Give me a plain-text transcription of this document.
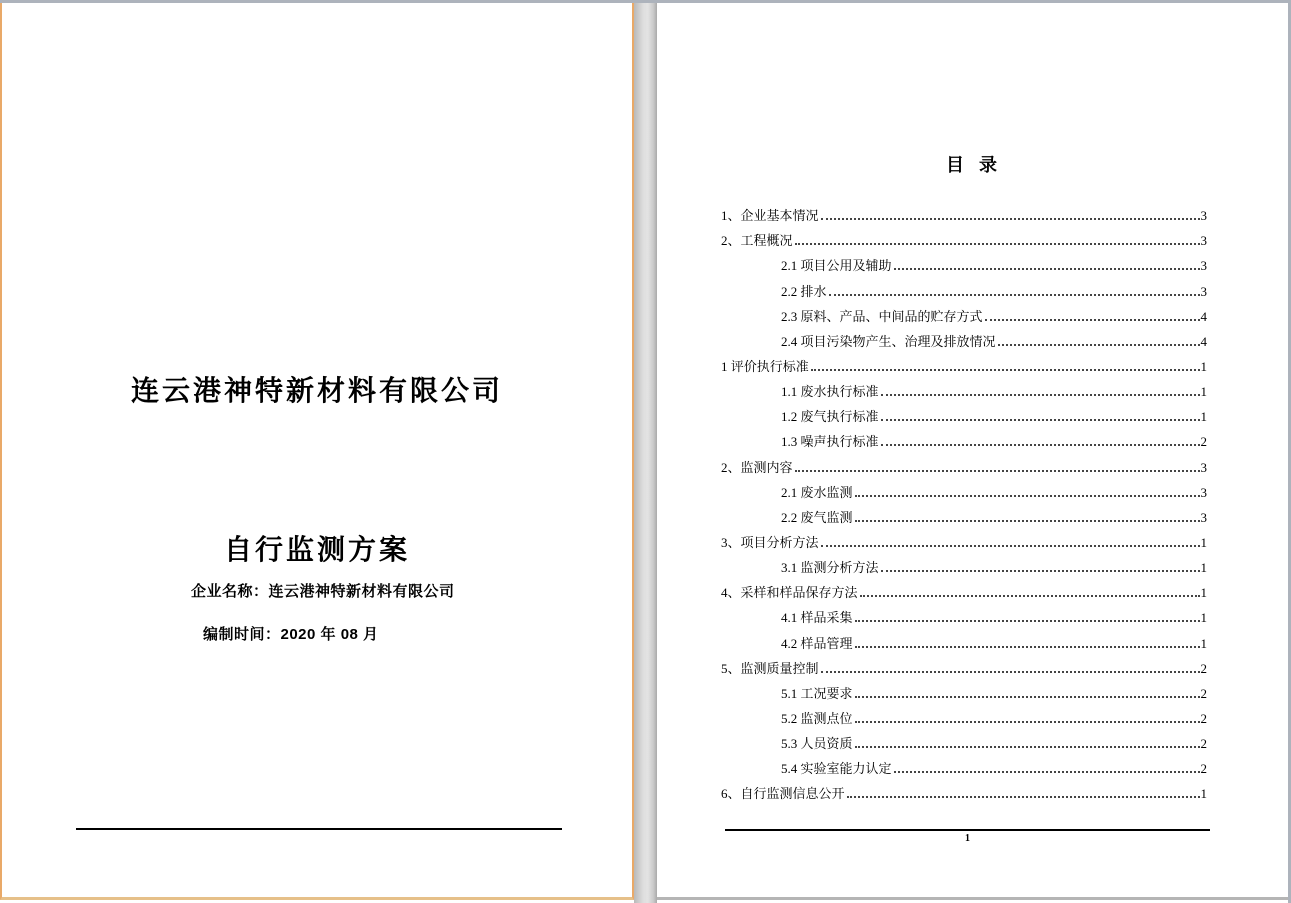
连云港神特新材料有限公司

自行监测方案

企业名称：连云港神特新材料有限公司
编制时间：2020 年 08 月
目  录
1、企业基本情况	3
2、工程概况	3
2.1 项目公用及辅助	3
2.2 排水	3
2.3 原料、产品、中间品的贮存方式	4
2.4 项目污染物产生、治理及排放情况	4
1 评价执行标准	1
1.1 废水执行标准	1
1.2 废气执行标准	1
1.3 噪声执行标准	2
2、监测内容	3
2.1 废水监测	3
2.2 废气监测	3
3、项目分析方法	1
3.1 监测分析方法	1
4、采样和样品保存方法	1
4.1 样品采集	1
4.2 样品管理	1
5、监测质量控制	2
5.1 工况要求	2
5.2 监测点位	2
5.3 人员资质	2
5.4 实验室能力认定	2
6、自行监测信息公开	1
1
